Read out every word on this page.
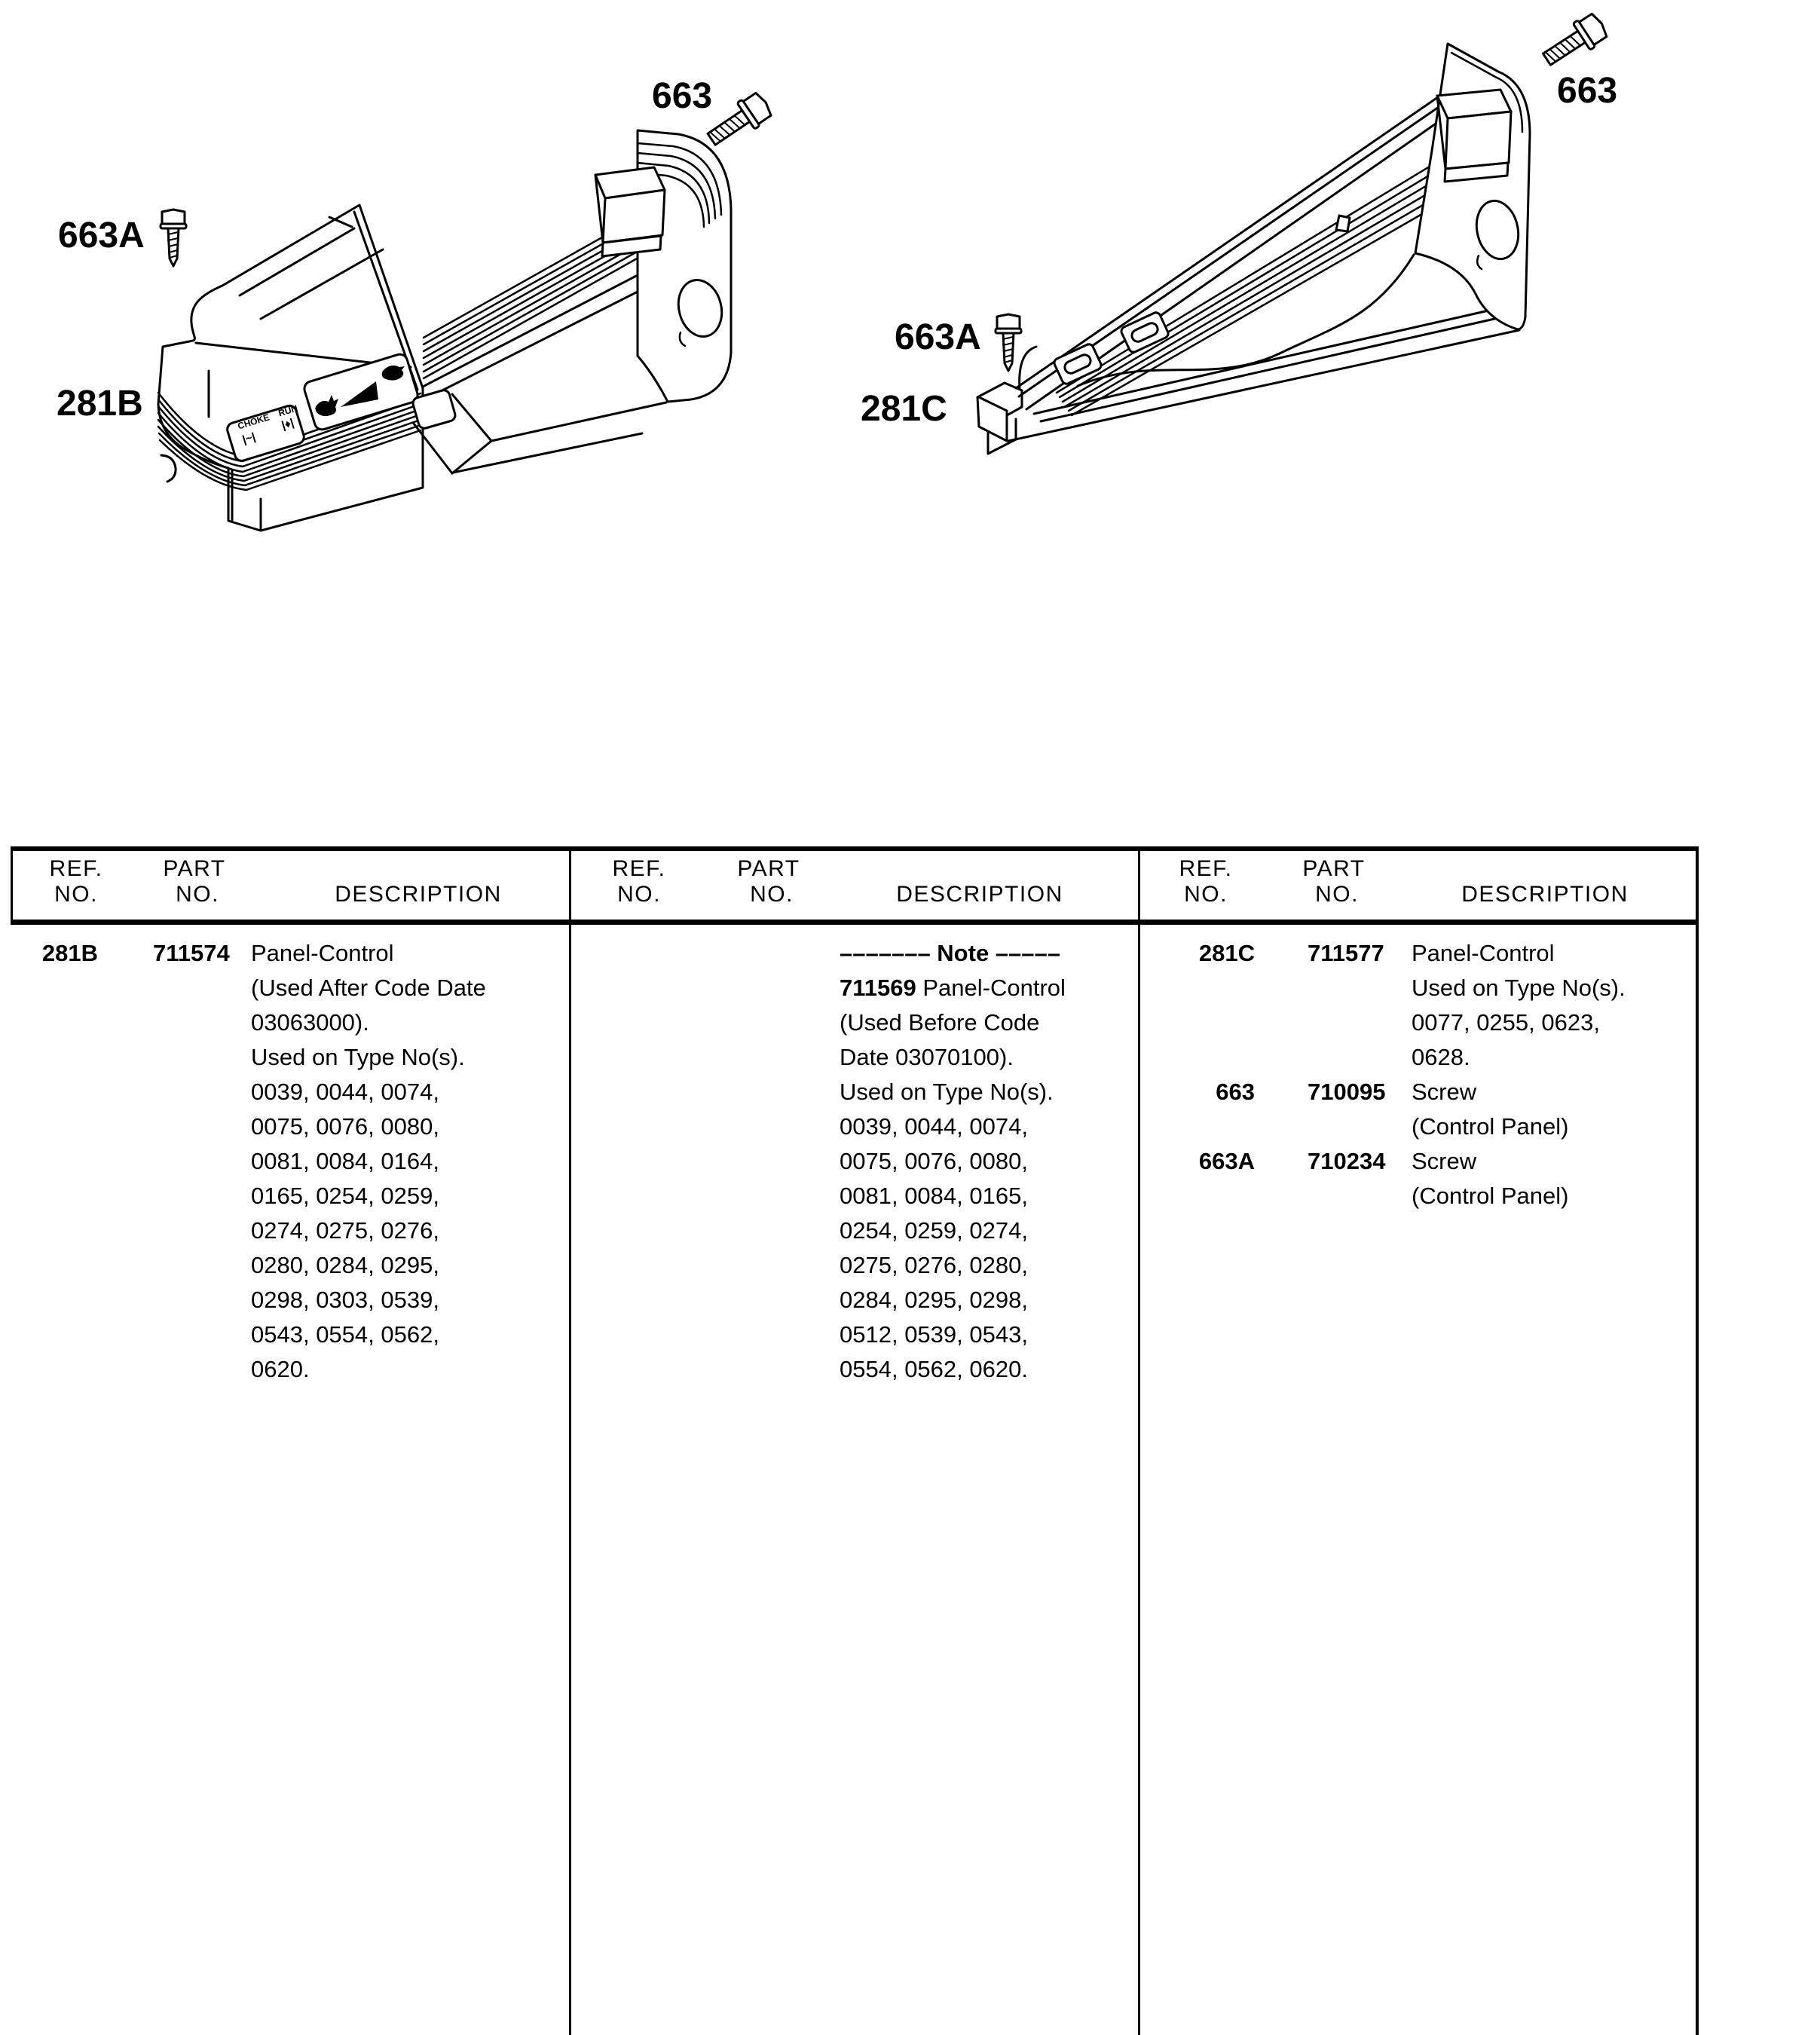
663
663A
281B
663
663A
281C
CHOKE
|~|
RUN
|♦|
REF.
NO.
PART
NO.	DESCRIPTION
REF.
NO.
PART
NO.	DESCRIPTION
REF.
NO.
PART
NO.	DESCRIPTION
281B 711574 Panel-Control
(Used After Code Date
03063000).
Used on Type No(s).
0039, 0044, 0074,
0075, 0076, 0080,
0081, 0084, 0164,
0165, 0254, 0259,
0274, 0275, 0276,
0280, 0284, 0295,
0298, 0303, 0539,
0543, 0554, 0562,
0620.
––––––– Note –––––
711569 Panel-Control
(Used Before Code
Date 03070100).
Used on Type No(s).
0039, 0044, 0074,
0075, 0076, 0080,
0081, 0084, 0165,
0254, 0259, 0274,
0275, 0276, 0280,
0284, 0295, 0298,
0512, 0539, 0543,
0554, 0562, 0620.
281C 711577 Panel-Control
Used on Type No(s).
0077, 0255, 0623,
0628.
663 710095 Screw
(Control Panel)
663A 710234 Screw
(Control Panel)
